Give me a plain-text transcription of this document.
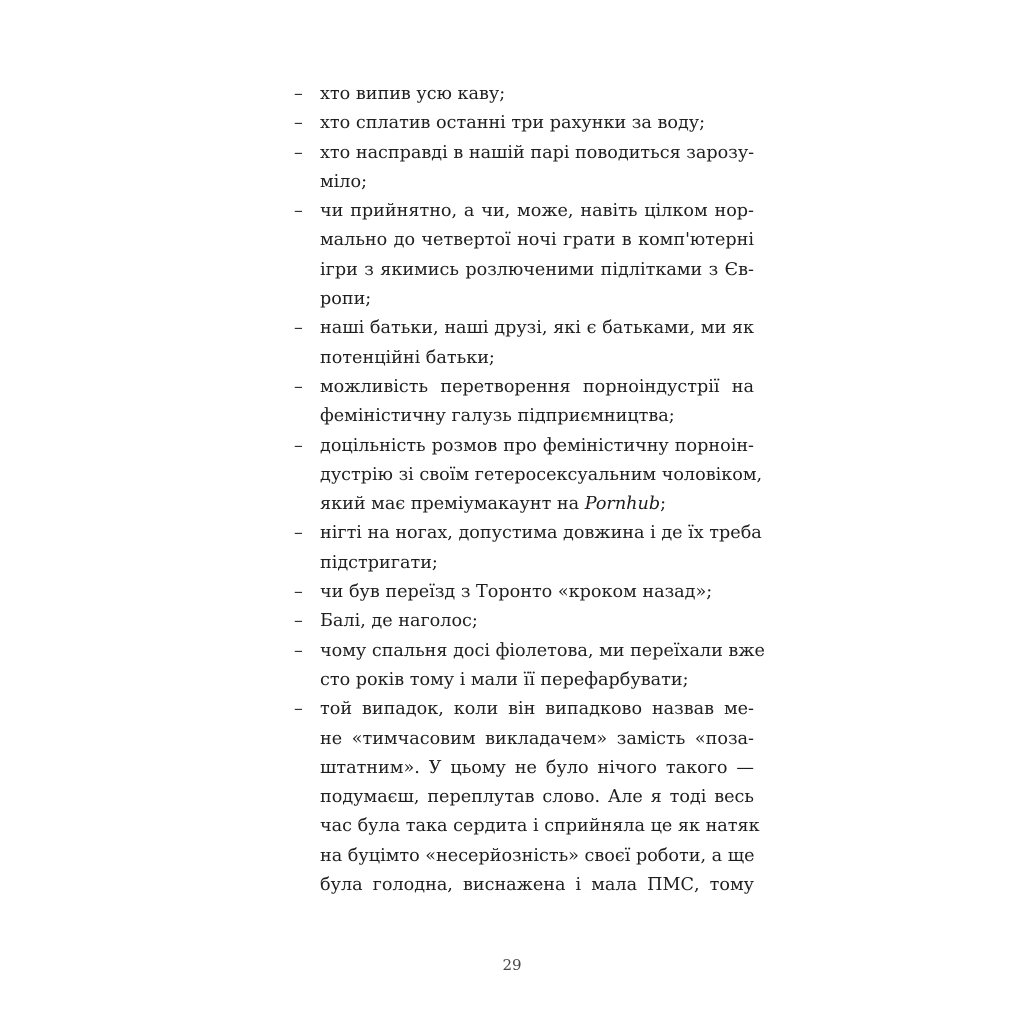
– хто випив усю каву;
– хто сплатив останні три рахунки за воду;
– хто насправді в нашій парі поводиться зарозу-
міло;
– чи прийнятно, а чи, може, навіть цілком нор-
мально до четвертої ночі грати в комп'ютерні
ігри з якимись розлюченими підлітками з Єв-
ропи;
– наші батьки, наші друзі, які є батьками, ми як
потенційні батьки;
– можливість перетворення порноіндустрії на
феміністичну галузь підприємництва;
– доцільність розмов про феміністичну порноін-
дустрію зі своїм гетеросексуальним чоловіком,
який має преміумакаунт на Pornhub;
– нігті на ногах, допустима довжина і де їх треба
підстригати;
– чи був переїзд з Торонто «кроком назад»;
– Балі, де наголос;
– чому спальня досі фіолетова, ми переїхали вже
сто років тому і мали її перефарбувати;
– той випадок, коли він випадково назвав ме-
не «тимчасовим викладачем» замість «поза-
штатним». У цьому не було нічого такого —
подумаєш, переплутав слово. Але я тоді весь
час була така сердита і сприйняла це як натяк
на буцімто «несерйозність» своєї роботи, а ще
була голодна, виснажена і мала ПМС, тому
29
